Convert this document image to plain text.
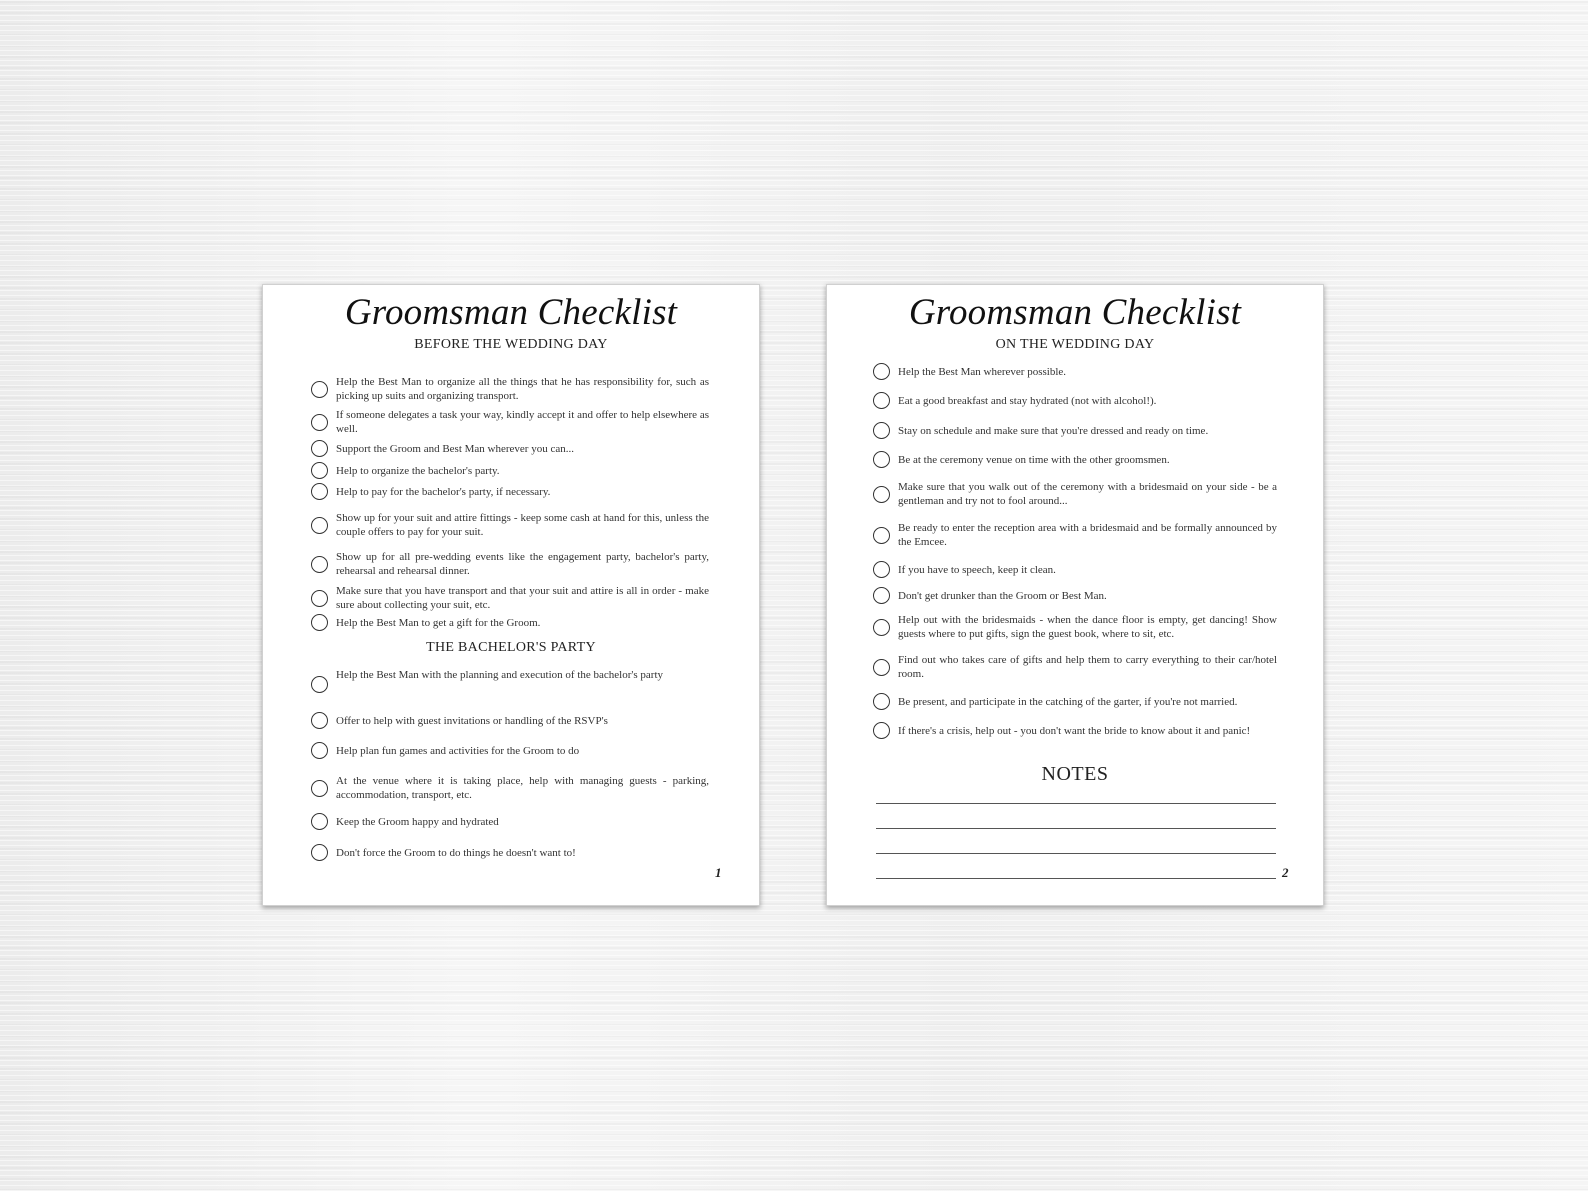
Groomsman Checklist
BEFORE THE WEDDING DAY
Help the Best Man to organize all the things that he has responsibility for, such as picking up suits and organizing transport.
If someone delegates a task your way, kindly accept it and offer to help elsewhere as well.
Support the Groom and Best Man wherever you can...
Help to organize the bachelor's party.
Help to pay for the bachelor's party, if necessary.
Show up for your suit and attire fittings - keep some cash at hand for this, unless the couple offers to pay for your suit.
Show up for all pre-wedding events like the engagement party, bachelor's party, rehearsal and rehearsal dinner.
Make sure that you have transport and that your suit and attire is all in order - make sure about collecting your suit, etc.
Help the Best Man to get a gift for the Groom.
THE BACHELOR'S PARTY
Help the Best Man with the planning and execution of the bachelor's party
Offer to help with guest invitations or handling of the RSVP's
Help plan fun games and activities for the Groom to do
At the venue where it is taking place, help with managing guests - parking, accommodation, transport, etc.
Keep the Groom happy and hydrated
Don't force the Groom to do things he doesn't want to!
1
Groomsman Checklist
ON THE WEDDING DAY
Help the Best Man wherever possible.
Eat a good breakfast and stay hydrated (not with alcohol!).
Stay on schedule and make sure that you're dressed and ready on time.
Be at the ceremony venue on time with the other groomsmen.
Make sure that you walk out of the ceremony with a bridesmaid on your side - be a gentleman and try not to fool around...
Be ready to enter the reception area with a bridesmaid and be formally announced by the Emcee.
If you have to speech, keep it clean.
Don't get drunker than the Groom or Best Man.
Help out with the bridesmaids - when the dance floor is empty, get dancing! Show guests where to put gifts, sign the guest book, where to sit, etc.
Find out who takes care of gifts and help them to carry everything to their car/hotel room.
Be present, and participate in the catching of the garter, if you're not married.
If there's a crisis, help out - you don't want the bride to know about it and panic!
NOTES
2
